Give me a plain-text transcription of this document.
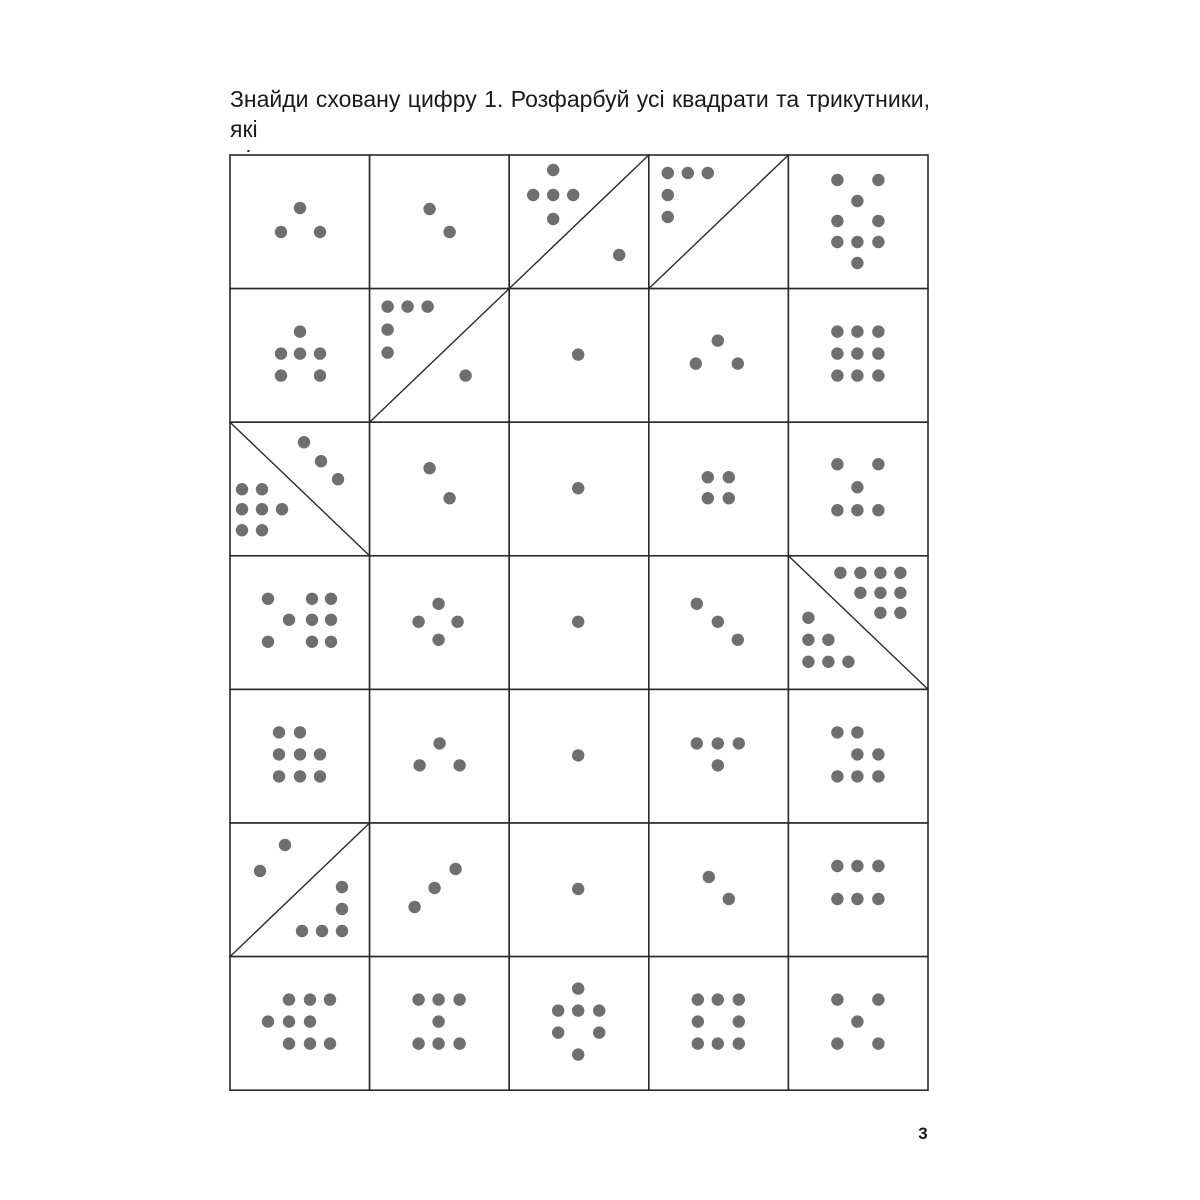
Знайди сховану цифру 1. Розфарбуй усі квадрати та трикутники, які
3
